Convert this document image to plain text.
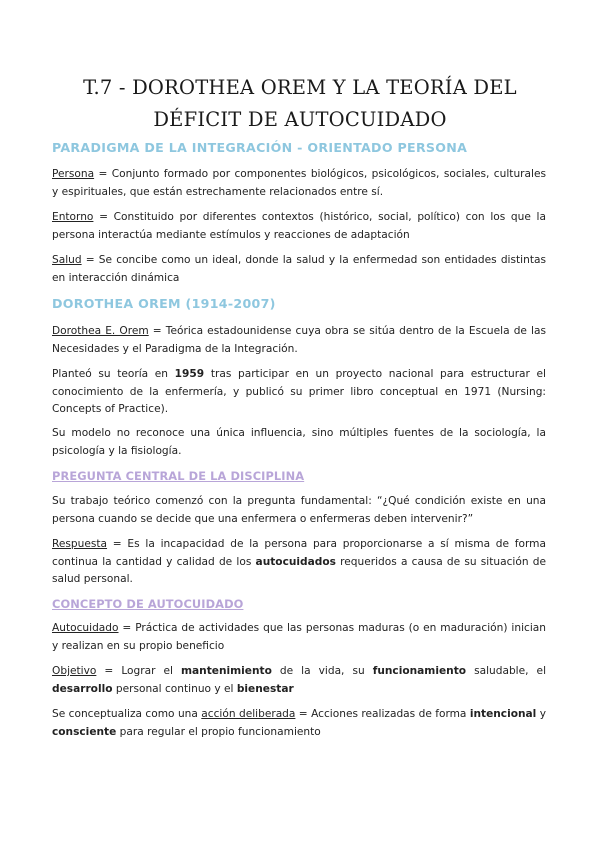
T.7 - DOROTHEA OREM Y LA TEORÍA DEL
DÉFICIT DE AUTOCUIDADO
PARADIGMA DE LA INTEGRACIÓN - ORIENTADO PERSONA

Persona = Conjunto formado por componentes biológicos, psicológicos, sociales, culturales y espirituales, que están estrechamente relacionados entre sí.

Entorno = Constituido por diferentes contextos (histórico, social, político) con los que la persona interactúa mediante estímulos y reacciones de adaptación

Salud = Se concibe como un ideal, donde la salud y la enfermedad son entidades distintas en interacción dinámica

DOROTHEA OREM (1914-2007)

Dorothea E. Orem = Teórica estadounidense cuya obra se sitúa dentro de la Escuela de las Necesidades y el Paradigma de la Integración.

Planteó su teoría en 1959 tras participar en un proyecto nacional para estructurar el conocimiento de la enfermería, y publicó su primer libro conceptual en 1971 (Nursing: Concepts of Practice).

Su modelo no reconoce una única influencia, sino múltiples fuentes de la sociología, la psicología y la fisiología.

PREGUNTA CENTRAL DE LA DISCIPLINA

Su trabajo teórico comenzó con la pregunta fundamental: “¿Qué condición existe en una persona cuando se decide que una enfermera o enfermeras deben intervenir?”

Respuesta = Es la incapacidad de la persona para proporcionarse a sí misma de forma continua la cantidad y calidad de los autocuidados requeridos a causa de su situación de salud personal.

CONCEPTO DE AUTOCUIDADO

Autocuidado = Práctica de actividades que las personas maduras (o en maduración) inician y realizan en su propio beneficio

Objetivo = Lograr el mantenimiento de la vida, su funcionamiento saludable, el desarrollo personal continuo y el bienestar

Se conceptualiza como una acción deliberada = Acciones realizadas de forma intencional y consciente para regular el propio funcionamiento
